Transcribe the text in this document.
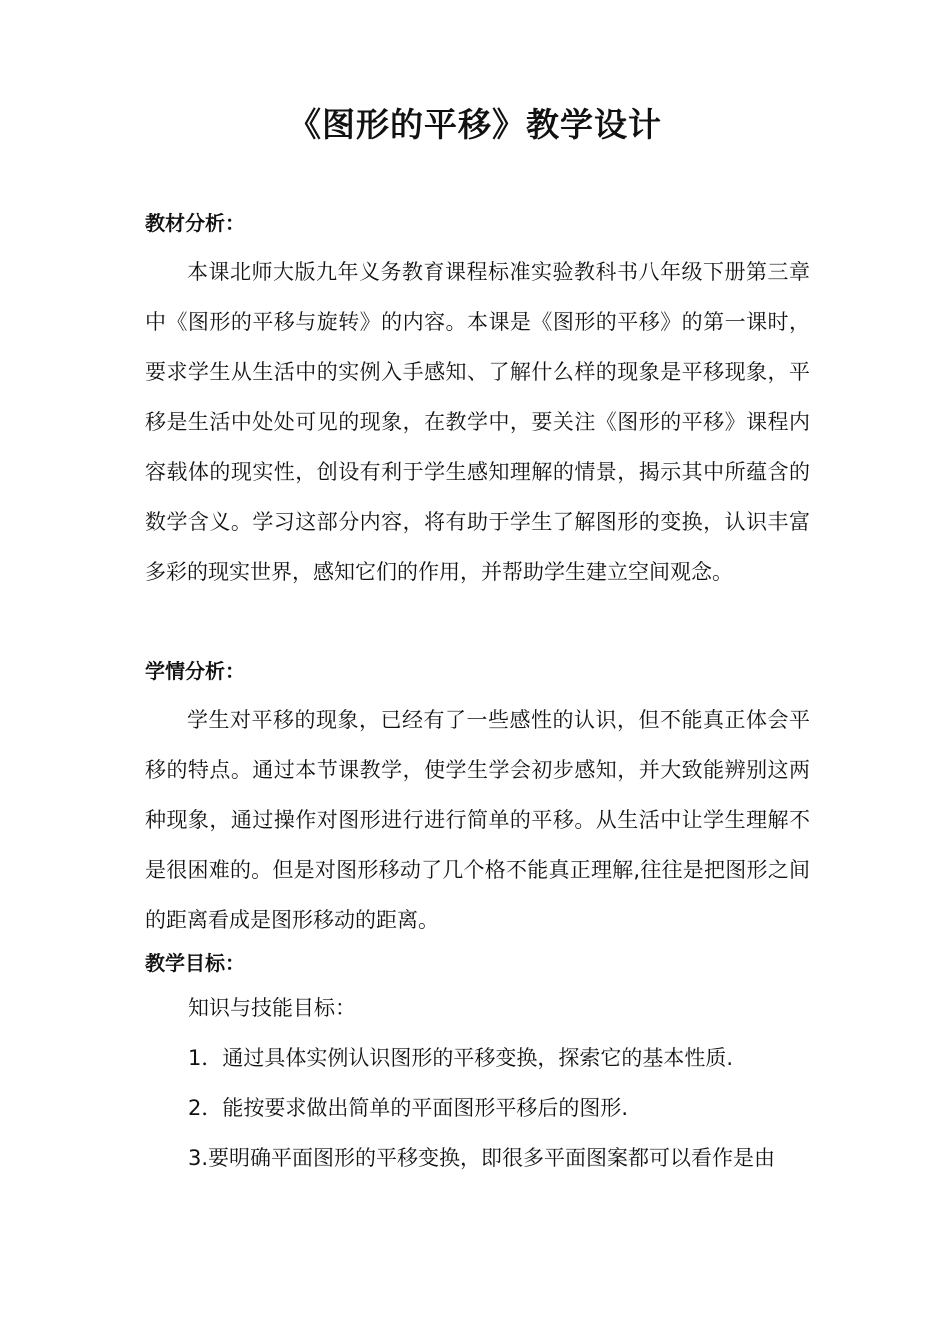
《图形的平移》教学设计
教材分析：
本课北师大版九年义务教育课程标准实验教科书八年级下册第三章中《图形的平移与旋转》的内容。本课是《图形的平移》的第一课时，要求学生从生活中的实例入手感知、了解什么样的现象是平移现象，平移是生活中处处可见的现象，在教学中，要关注《图形的平移》课程内容载体的现实性，创设有利于学生感知理解的情景，揭示其中所蕴含的数学含义。学习这部分内容，将有助于学生了解图形的变换，认识丰富多彩的现实世界，感知它们的作用，并帮助学生建立空间观念。
学情分析：
学生对平移的现象，已经有了一些感性的认识，但不能真正体会平移的特点。通过本节课教学，使学生学会初步感知，并大致能辨别这两种现象，通过操作对图形进行进行简单的平移。从生活中让学生理解不是很困难的。但是对图形移动了几个格不能真正理解,往往是把图形之间的距离看成是图形移动的距离。
教学目标：
知识与技能目标：
1．通过具体实例认识图形的平移变换，探索它的基本性质.
2．能按要求做出简单的平面图形平移后的图形.
3.要明确平面图形的平移变换，即很多平面图案都可以看作是由
